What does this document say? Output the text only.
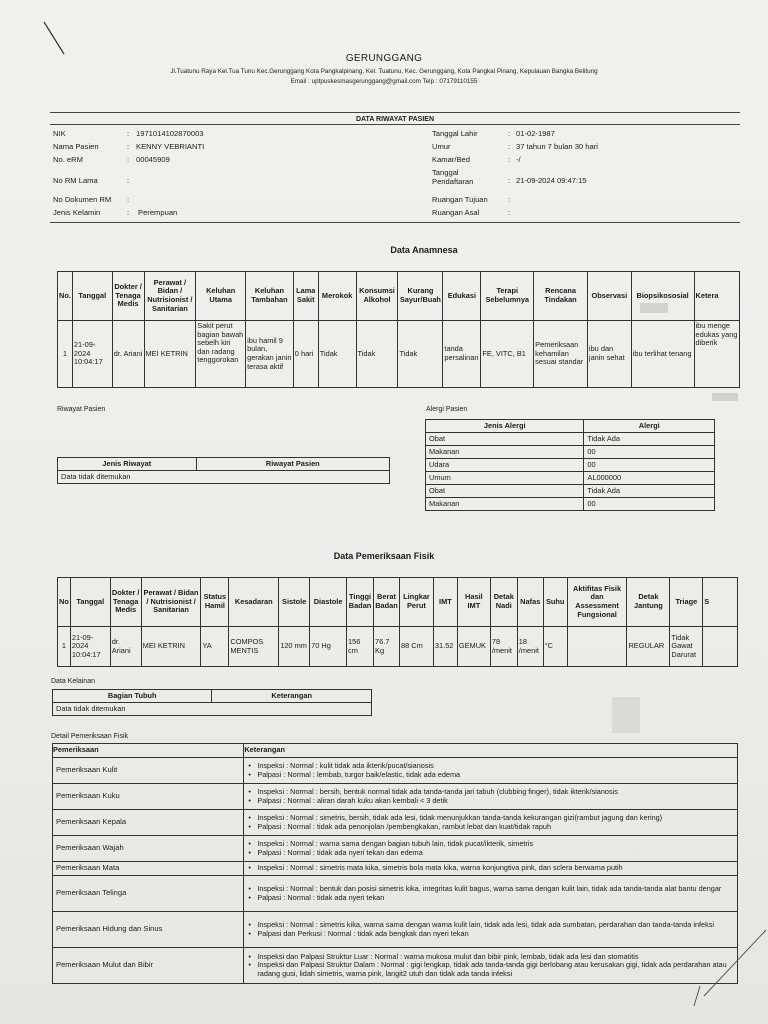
GERUNGGANG
Jl.Tuatunu Raya Kel.Tua Tunu Kec.Gerunggang Kota Pangkalpinang, Kel. Tuatunu, Kec. Gerunggang, Kota Pangkal Pinang, Kepulauan Bangka Belitung
Email : uptpuskesmasgerunggang@gmail.com Telp : 07179110155
DATA RIWAYAT PASIEN
NIK	: 1971014102870003
Nama Pasien	: KENNY VEBRIANTI
No. eRM	: 00045909
No RM Lama	:
No Dokumen RM :
Jenis Kelamin	: Perempuan
Tanggal Lahir	: 01-02-1987
Umur	: 37 tahun 7 bulan 30 hari
Kamar/Bed	: -/
Tanggal Pendaftaran	: 21-09-2024 09:47:15
Ruangan Tujuan	:
Ruangan Asal	:
Data Anamnesa
No.	Tanggal	Dokter / Tenaga Medis	Perawat / Bidan / Nutrisionist / Sanitarian	Keluhan Utama	Keluhan Tambahan	Lama Sakit	Merokok	Konsumsi Alkohol	Kurang Sayur/Buah	Edukasi	Terapi Sebelumnya	Rencana Tindakan	Observasi	Biopsikososial	Ketera
1	21-09-2024 10:04:17	dr. Ariani	MEI KETRIN	Sakit perut bagian bawah sebelh kiri dan radang tenggorokan	ibu hamil 9 bulan, gerakan janin terasa aktif	0 hari	Tidak	Tidak	Tidak	tanda persalinan	FE, VITC, B1	Pemeriksaan kehamilan sesuai standar	ibu dan janin sehat	ibu terlihat tenang	ibu menge edukas yang diberik
Riwayat Pasien
Jenis Riwayat	Riwayat Pasien
Data tidak ditemukan
Alergi Pasien
Jenis Alergi	Alergi
Obat	Tidak Ada
Makanan	00
Udara	00
Umum	AL000000
Obat	Tidak Ada
Makanan	00
Data Pemeriksaan Fisik
No	Tanggal	Dokter / Tenaga Medis	Perawat / Bidan / Nutrisionist / Sanitarian	Status Hamil	Kesadaran	Sistole	Diastole	Tinggi Badan	Berat Badan	Lingkar Perut	IMT	Hasil IMT	Detak Nadi	Nafas	Suhu	Aktifitas Fisik dan Assessment Fungsional	Detak Jantung	Triage	S
1	21-09-2024 10:04:17	dr. Ariani	MEI KETRIN	YA	COMPOS MENTIS	120 mm	70 Hg	156 cm	76.7 Kg	88 Cm	31.52	GEMUK	78 /menit	18 /menit	°C		REGULAR	Tidak Gawat Darurat	
Data Kelainan
Bagian Tubuh	Keterangan
Data tidak ditemukan
Detail Pemeriksaan Fisik
Pemeriksaan	Keterangan
Pemeriksaan Kulit	• Inspeksi : Normal : kulit tidak ada ikterik/pucat/sianosis
• Palpasi : Normal : lembab, turgor baik/elastic, tidak ada edema

Pemeriksaan Kuku	• Inspeksi : Normal : bersih, bentuk normal tidak ada tanda-tanda jari tabuh (clubbing finger), tidak ikterik/sianosis
• Palpasi : Normal : aliran darah kuku akan kembali < 3 detik

Pemeriksaan Kepala	• Inspeksi : Normal : simetris, bersih, tidak ada lesi, tidak menunjukkan tanda-tanda kekurangan gizi(rambut jagung dan kering)
• Palpasi : Normal : tidak ada penonjolan /pembengkakan, rambut lebat dan kuat/tidak rapuh

Pemeriksaan Wajah	• Inspeksi : Normal : warna sama dengan bagian tubuh lain, tidak pucat/ikterik, simetris
• Palpasi : Normal : tidak ada nyeri tekan dan edema

Pemeriksaan Mata	• Inspeksi : Normal : simetris mata kika, simetris bola mata kika, warna konjungtiva pink, dan sclera berwarna putih

Pemeriksaan Telinga	• Inspeksi : Normal : bentuk dan posisi simetris kika, integritas kulit bagus, warna sama dengan kulit lain, tidak ada tanda-tanda alat bantu dengar
• Palpasi : Normal : tidak ada nyeri tekan

Pemeriksaan Hidung dan Sinus	• Inspeksi : Normal : simetris kika, warna sama dengan warna kulit lain, tidak ada lesi, tidak ada sumbatan, perdarahan dan tanda-tanda infeksi
• Palpasi dan Perkusi : Normal : tidak ada bengkak dan nyeri tekan

Pemeriksaan Mulut dan Bibir	• Inspeksi dan Palpasi Struktur Luar : Normal : warna mukosa mulut dan bibir pink, lembab, tidak ada lesi dan stomatitis
• Inspeksi dan Palpasi Struktur Dalam : Normal : gigi lengkap, tidak ada tanda-tanda gigi berlobang atau kerusakan gigi, tidak ada perdarahan atau radang gusi, lidah simetris, warna pink, langit2 utuh dan tidak ada tanda infeksi
